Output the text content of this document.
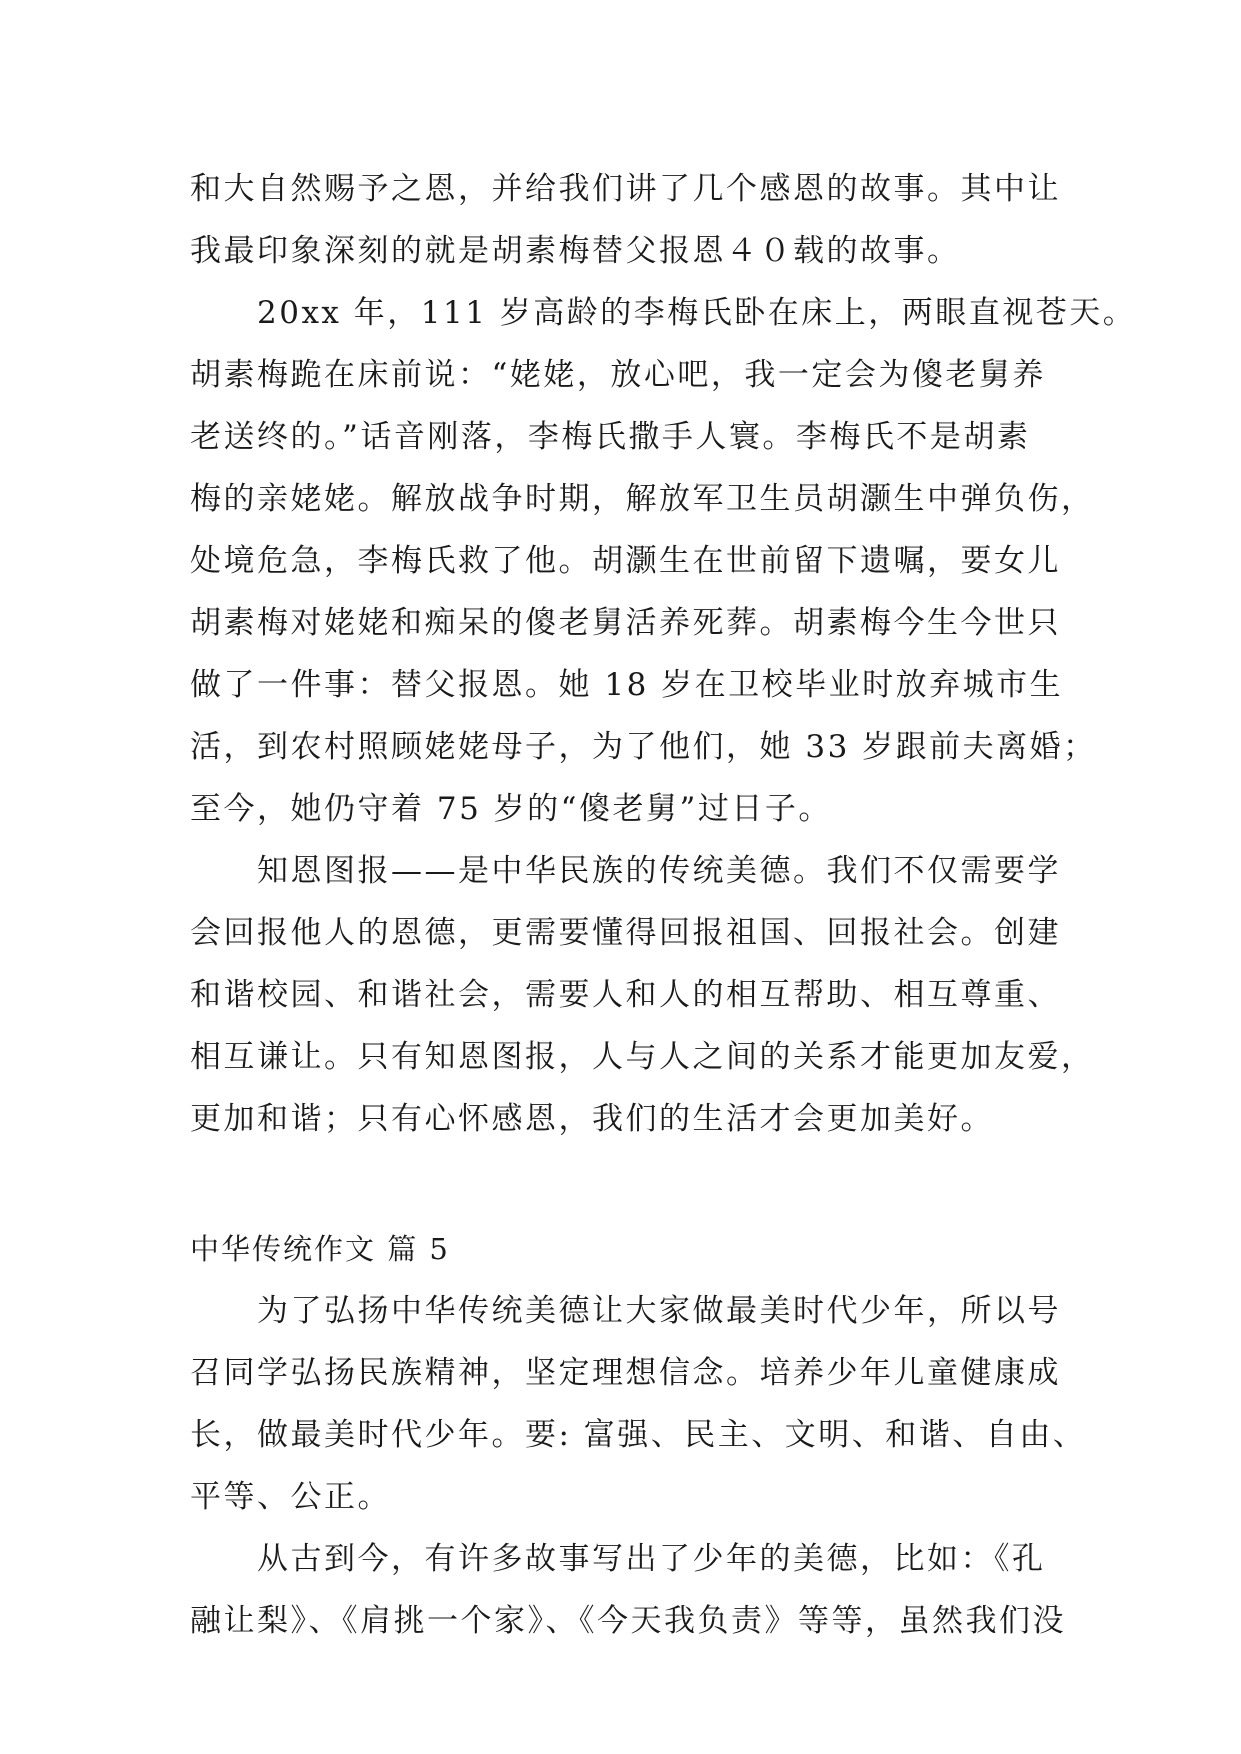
和大自然赐予之恩，并给我们讲了几个感恩的故事。其中让
我最印象深刻的就是胡素梅替父报恩４０载的故事。
20xx 年，111 岁高龄的李梅氏卧在床上，两眼直视苍天。
胡素梅跪在床前说：“姥姥，放心吧，我一定会为傻老舅养
老送终的。”话音刚落，李梅氏撒手人寰。李梅氏不是胡素
梅的亲姥姥。解放战争时期，解放军卫生员胡灏生中弹负伤，
处境危急，李梅氏救了他。胡灏生在世前留下遗嘱，要女儿
胡素梅对姥姥和痴呆的傻老舅活养死葬。胡素梅今生今世只
做了一件事：替父报恩。她 18 岁在卫校毕业时放弃城市生
活，到农村照顾姥姥母子，为了他们，她 33 岁跟前夫离婚；
至今，她仍守着 75 岁的“傻老舅”过日子。
知恩图报——是中华民族的传统美德。我们不仅需要学
会回报他人的恩德，更需要懂得回报祖国、回报社会。创建
和谐校园、和谐社会，需要人和人的相互帮助、相互尊重、
相互谦让。只有知恩图报，人与人之间的关系才能更加友爱，
更加和谐；只有心怀感恩，我们的生活才会更加美好。
中华传统作文 篇 5
为了弘扬中华传统美德让大家做最美时代少年，所以号
召同学弘扬民族精神，坚定理想信念。培养少年儿童健康成
长，做最美时代少年。要: 富强、民主、文明、和谐、自由、
平等、公正。
从古到今，有许多故事写出了少年的美德，比如：《孔
融让梨》、《肩挑一个家》、《今天我负责》等等，虽然我们没
